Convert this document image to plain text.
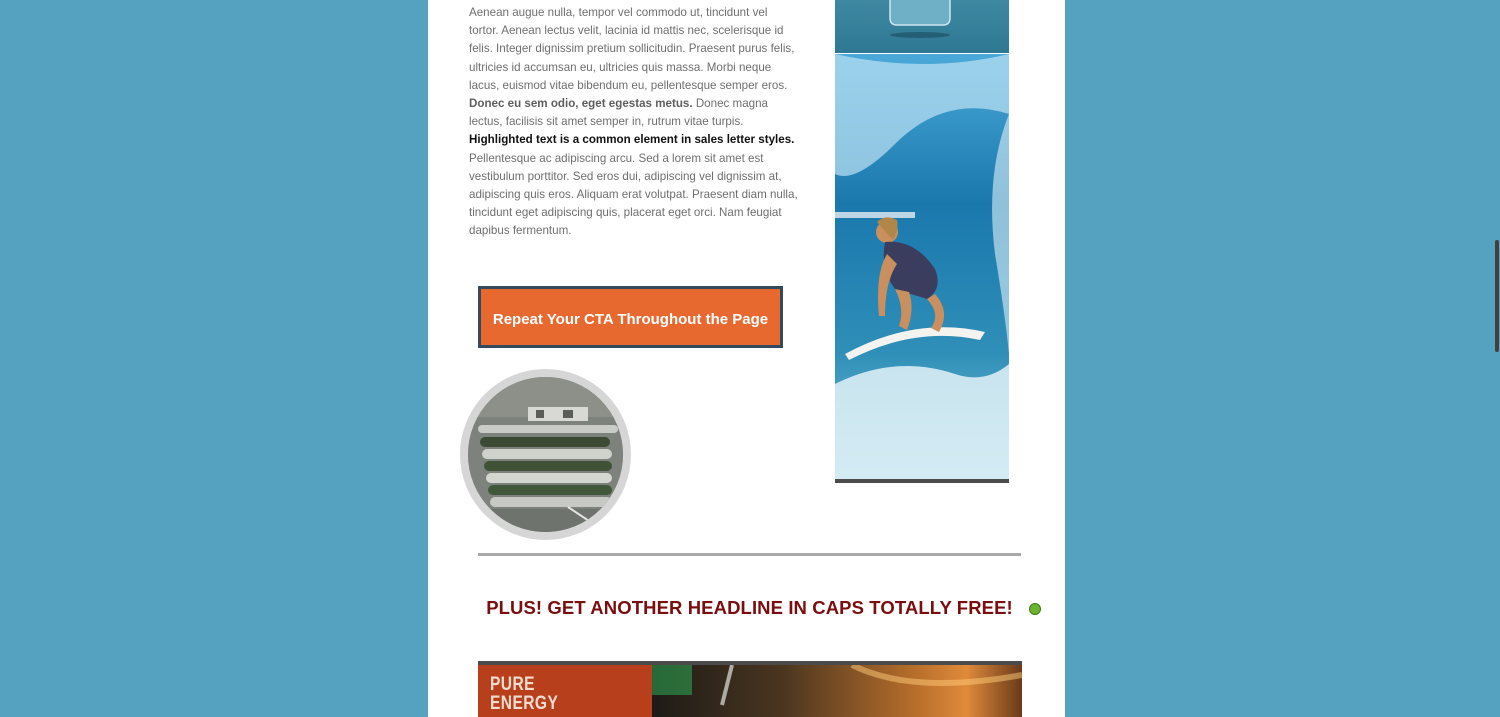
Aenean augue nulla, tempor vel commodo ut, tincidunt vel tortor. Aenean lectus velit, lacinia id mattis nec, scelerisque id felis. Integer dignissim pretium sollicitudin. Praesent purus felis, ultricies id accumsan eu, ultricies quis massa. Morbi neque lacus, euismod vitae bibendum eu, pellentesque semper eros. Donec eu sem odio, eget egestas metus. Donec magna lectus, facilisis sit amet semper in, rutrum vitae turpis. Highlighted text is a common element in sales letter styles. Pellentesque ac adipiscing arcu. Sed a lorem sit amet est vestibulum porttitor. Sed eros dui, adipiscing vel dignissim at, adipiscing quis eros. Aliquam erat volutpat. Praesent diam nulla, tincidunt eget adipiscing quis, placerat eget orci. Nam feugiat dapibus fermentum.

Repeat Your CTA Throughout the Page
PLUS! GET ANOTHER HEADLINE IN CAPS TOTALLY FREE!

PURE
ENERGY
